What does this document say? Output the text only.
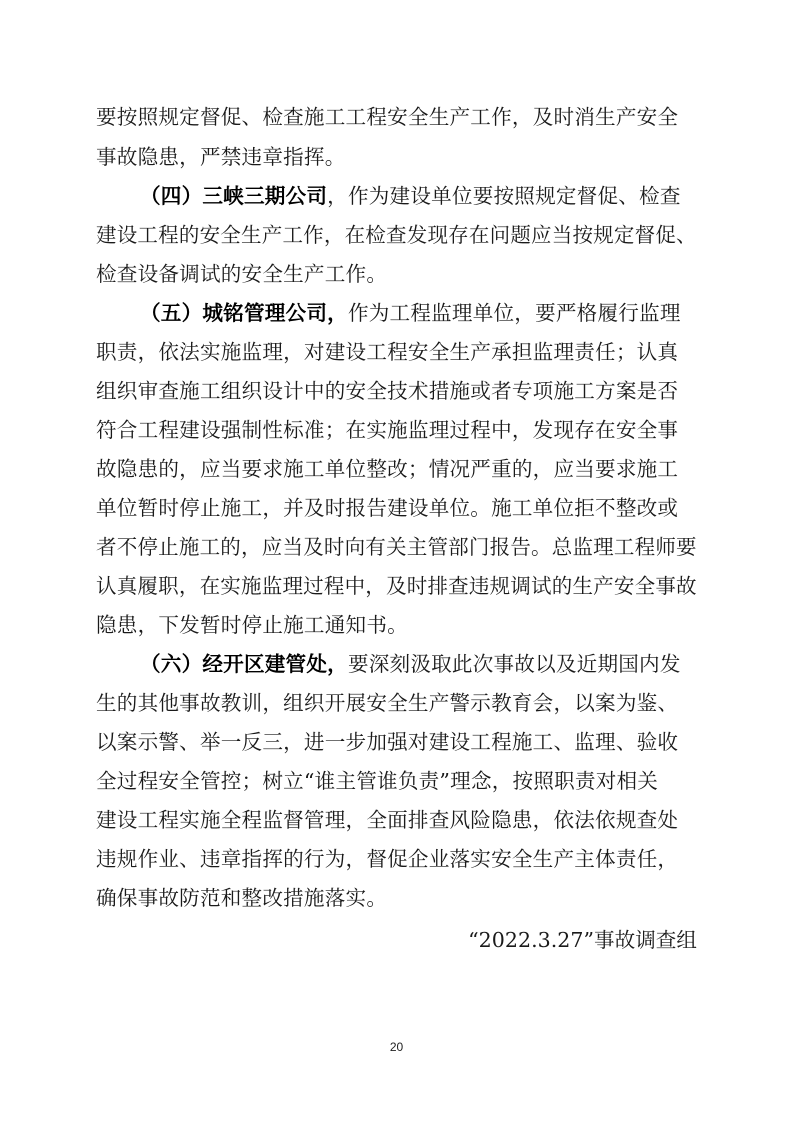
要按照规定督促、检查施工工程安全生产工作，及时消生产安全
事故隐患，严禁违章指挥。
（四）三峡三期公司，作为建设单位要按照规定督促、检查
建设工程的安全生产工作，在检查发现存在问题应当按规定督促、
检查设备调试的安全生产工作。
（五）城铭管理公司，作为工程监理单位，要严格履行监理
职责，依法实施监理，对建设工程安全生产承担监理责任；认真
组织审查施工组织设计中的安全技术措施或者专项施工方案是否
符合工程建设强制性标准；在实施监理过程中，发现存在安全事
故隐患的，应当要求施工单位整改；情况严重的，应当要求施工
单位暂时停止施工，并及时报告建设单位。施工单位拒不整改或
者不停止施工的，应当及时向有关主管部门报告。总监理工程师要
认真履职，在实施监理过程中，及时排查违规调试的生产安全事故
隐患，下发暂时停止施工通知书。
（六）经开区建管处，要深刻汲取此次事故以及近期国内发
生的其他事故教训，组织开展安全生产警示教育会，以案为鉴、
以案示警、举一反三，进一步加强对建设工程施工、监理、验收
全过程安全管控；树立“谁主管谁负责”理念，按照职责对相关
建设工程实施全程监督管理，全面排查风险隐患，依法依规查处
违规作业、违章指挥的行为，督促企业落实安全生产主体责任，
确保事故防范和整改措施落实。
“2022.3.27”事故调查组
20
